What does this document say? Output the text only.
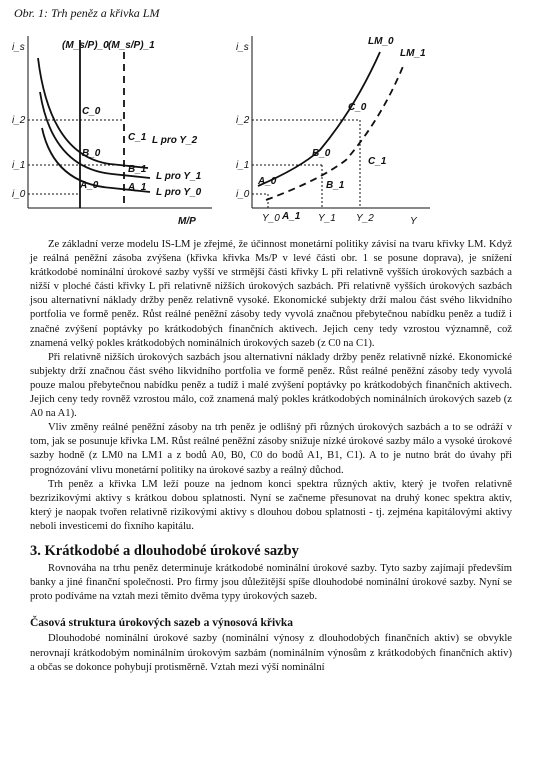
Obr. 1: Trh peněz a křivka LM
i_s
M/P
(M_s/P)_0 (M_s/P)_1
i_2
i_1
i_0
C_0
B_0
A_0
C_1
B_1
A_1
L pro Y_2
L pro Y_1
L pro Y_0
i_s
Y
LM_0
LM_1
i_2
i_1
i_0
Y_0 A_1 Y_1 Y_2
C_0
B_0
A_0
C_1
B_1

Ze základní verze modelu IS-LM je zřejmé, že účinnost monetární politiky závisí na tvaru křivky LM. Když je reálná peněžní zásoba zvýšena (křivka křivka Ms/P v levé části obr. 1 se posune doprava), je snížení krátkodobé nominální úrokové sazby vyšší ve strmější části křivky L při relativně vyšších úrokových sazbách a nižší v ploché části křivky L při relativně nižších úrokových sazbách. Při relativně vyšších úrokových sazbách jsou alternativní náklady držby peněz relativně vysoké. Ekonomické subjekty drží malou část svého likvidního portfolia ve formě peněz. Růst reálné peněžní zásoby tedy vyvolá značnou přebytečnou nabídku peněz a tudíž i značné zvýšení poptávky po krátkodobých finančních aktivech. Jejich ceny tedy vzrostou významně, což znamená velký pokles krátkodobých nominálních úrokových sazeb (z C0 na C1).

Při relativně nižších úrokových sazbách jsou alternativní náklady držby peněz relativně nízké. Ekonomické subjekty drží značnou část svého likvidního portfolia ve formě peněz. Růst reálné peněžní zásoby tedy vyvolá pouze malou přebytečnou nabídku peněz a tudíž i malé zvýšení poptávky po krátkodobých finančních aktivech. Jejich ceny tedy rovněž vzrostou málo, což znamená malý pokles krátkodobých nominálních úrokových sazeb (z A0 na A1).

Vliv změny reálné peněžní zásoby na trh peněz je odlišný při různých úrokových sazbách a to se odráží v tom, jak se posunuje křivka LM. Růst reálné peněžní zásoby snižuje nízké úrokové sazby málo a vysoké úrokové sazby hodně (z LM0 na LM1 a z bodů A0, B0, C0 do bodů A1, B1, C1). A to je nutno brát do úvahy při prognózování vlivu monetární politiky na úrokové sazby a reálný důchod.

Trh peněz a křivka LM leží pouze na jednom konci spektra různých aktiv, který je tvořen relativně bezrizikovými aktivy s krátkou dobou splatnosti. Nyní se začneme přesunovat na druhý konec spektra aktiv, který je naopak tvořen relativně rizikovými aktivy s dlouhou dobou splatnosti - tj. zejména kapitálovými aktivy neboli investicemi do fixního kapitálu.

3. Krátkodobé a dlouhodobé úrokové sazby

Rovnováha na trhu peněz determinuje krátkodobé nominální úrokové sazby. Tyto sazby zajímají především banky a jiné finanční společnosti. Pro firmy jsou důležitější spíše dlouhodobé nominální úrokové sazby. Nyní se proto podíváme na vztah mezi těmito dvěma typy úrokových sazeb.

Časová struktura úrokových sazeb a výnosová křivka

Dlouhodobé nominální úrokové sazby (nominální výnosy z dlouhodobých finančních aktiv) se obvykle nerovnají krátkodobým nominálním úrokovým sazbám (nominálním výnosům z krátkodobých finančních aktiv) a občas se dokonce pohybují protisměrně. Vztah mezi výší nominální
